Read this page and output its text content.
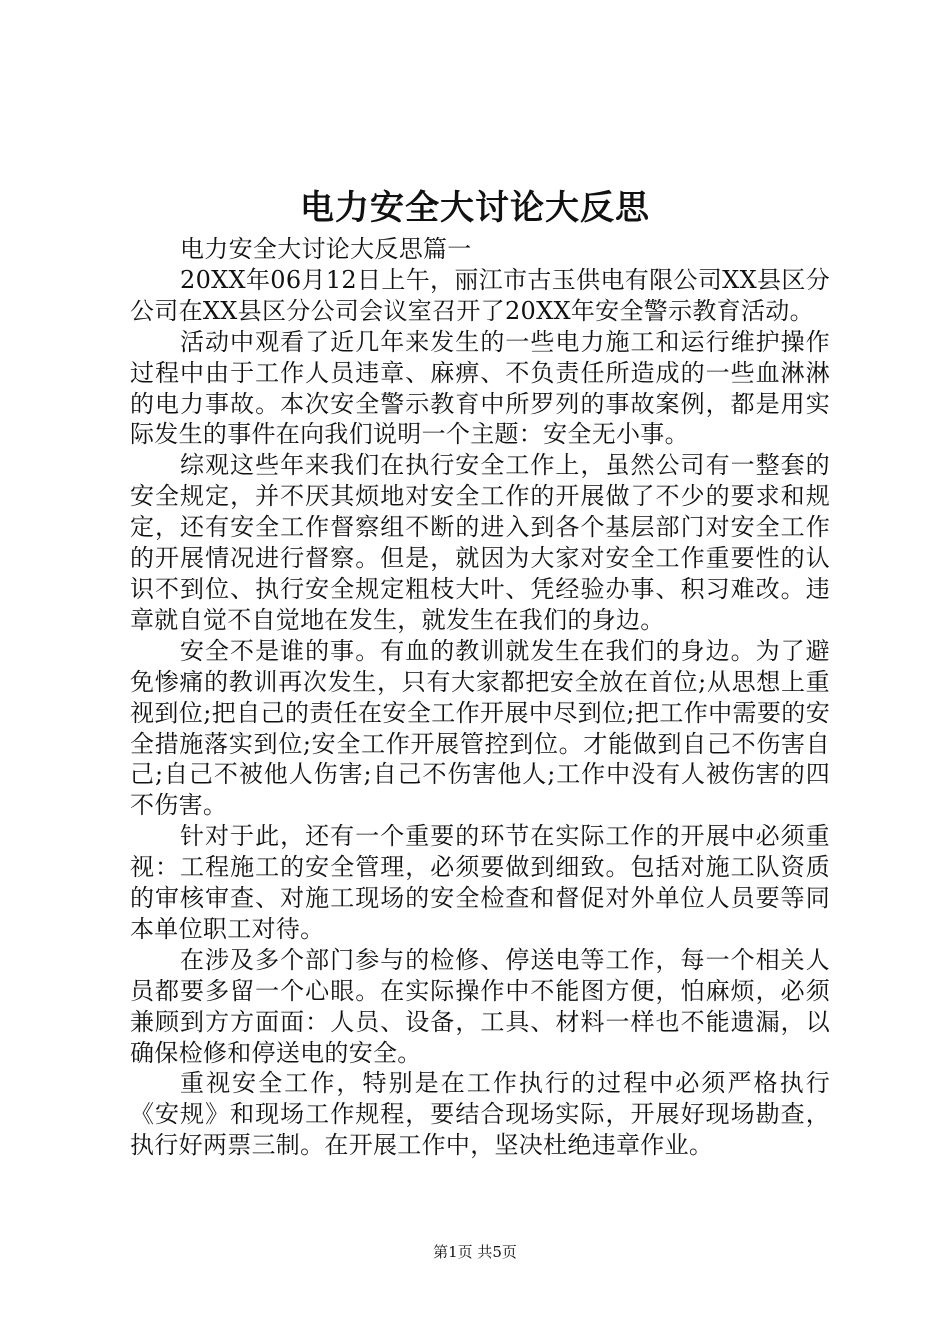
电力安全大讨论大反思

电力安全大讨论大反思篇一

20XX年06月12日上午，丽江市古玉供电有限公司XX县区分公司在XX县区分公司会议室召开了20XX年安全警示教育活动。

活动中观看了近几年来发生的一些电力施工和运行维护操作过程中由于工作人员违章、麻痹、不负责任所造成的一些血淋淋的电力事故。本次安全警示教育中所罗列的事故案例，都是用实际发生的事件在向我们说明一个主题：安全无小事。

综观这些年来我们在执行安全工作上，虽然公司有一整套的安全规定，并不厌其烦地对安全工作的开展做了不少的要求和规定，还有安全工作督察组不断的进入到各个基层部门对安全工作的开展情况进行督察。但是，就因为大家对安全工作重要性的认识不到位、执行安全规定粗枝大叶、凭经验办事、积习难改。违章就自觉不自觉地在发生，就发生在我们的身边。

安全不是谁的事。有血的教训就发生在我们的身边。为了避免惨痛的教训再次发生，只有大家都把安全放在首位;从思想上重视到位;把自己的责任在安全工作开展中尽到位;把工作中需要的安全措施落实到位;安全工作开展管控到位。才能做到自己不伤害自己;自己不被他人伤害;自己不伤害他人;工作中没有人被伤害的四不伤害。

针对于此，还有一个重要的环节在实际工作的开展中必须重视：工程施工的安全管理，必须要做到细致。包括对施工队资质的审核审查、对施工现场的安全检查和督促对外单位人员要等同本单位职工对待。

在涉及多个部门参与的检修、停送电等工作，每一个相关人员都要多留一个心眼。在实际操作中不能图方便，怕麻烦，必须兼顾到方方面面：人员、设备，工具、材料一样也不能遗漏，以确保检修和停送电的安全。

重视安全工作，特别是在工作执行的过程中必须严格执行《安规》和现场工作规程，要结合现场实际，开展好现场勘查，执行好两票三制。在开展工作中，坚决杜绝违章作业。

第1页 共5页
